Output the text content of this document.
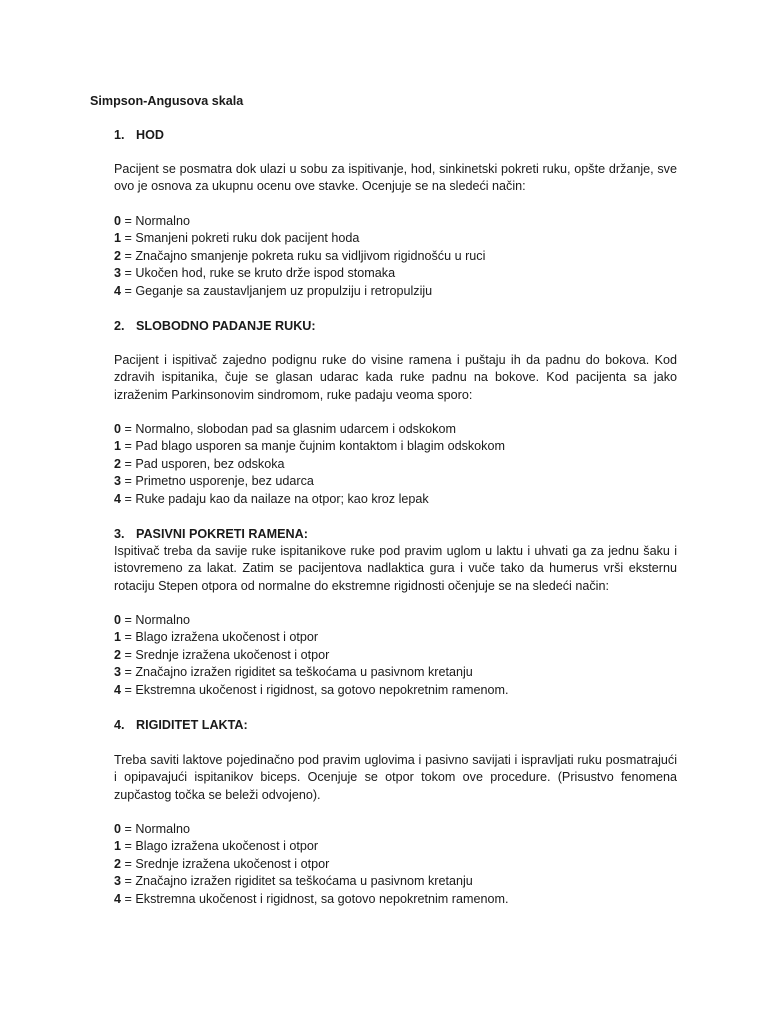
Simpson-Angusova skala

1. HOD

Pacijent se posmatra dok ulazi u sobu za ispitivanje, hod, sinkinetski pokreti ruku, opšte držanje, sve ovo je osnova za ukupnu ocenu ove stavke. Ocenjuje se na sledeći način:

0 = Normalno
1 = Smanjeni pokreti ruku dok pacijent hoda
2 = Značajno smanjenje pokreta ruku sa vidljivom rigidnošću u ruci
3 = Ukočen hod, ruke se kruto drže ispod stomaka
4 = Geganje sa zaustavljanjem uz propulziju i retropulziju

2. SLOBODNO PADANJE RUKU:

Pacijent i ispitivač zajedno podignu ruke do visine ramena i puštaju ih da padnu do bokova. Kod zdravih ispitanika, čuje se glasan udarac kada ruke padnu na bokove. Kod pacijenta sa jako izraženim Parkinsonovim sindromom, ruke padaju veoma sporo:

0 = Normalno, slobodan pad sa glasnim udarcem i odskokom
1 = Pad blago usporen sa manje čujnim kontaktom i blagim odskokom
2 = Pad usporen, bez odskoka
3 = Primetno usporenje, bez udarca
4 = Ruke padaju kao da nailaze na otpor; kao kroz lepak

3. PASIVNI POKRETI RAMENA:

Ispitivač treba da savije ruke ispitanikove ruke pod pravim uglom u laktu i uhvati ga za jednu šaku i istovremeno za lakat. Zatim se pacijentova nadlaktica gura i vuče tako da humerus vrši eksternu rotaciju Stepen otpora od normalne do ekstremne rigidnosti očenjuje se na sledeći način:

0 = Normalno
1 = Blago izražena ukočenost i otpor
2 = Srednje izražena ukočenost i otpor
3 = Značajno izražen rigiditet sa teškoćama u pasivnom kretanju
4 = Ekstremna ukočenost i rigidnost, sa gotovo nepokretnim ramenom.

4. RIGIDITET LAKTA:

Treba saviti laktove pojedinačno pod pravim uglovima i pasivno savijati i ispravljati ruku posmatrajući i opipavajući ispitanikov biceps. Ocenjuje se otpor tokom ove procedure. (Prisustvo fenomena zupčastog točka se beleži odvojeno).

0 = Normalno
1 = Blago izražena ukočenost i otpor
2 = Srednje izražena ukočenost i otpor
3 = Značajno izražen rigiditet sa teškoćama u pasivnom kretanju
4 = Ekstremna ukočenost i rigidnost, sa gotovo nepokretnim ramenom.
